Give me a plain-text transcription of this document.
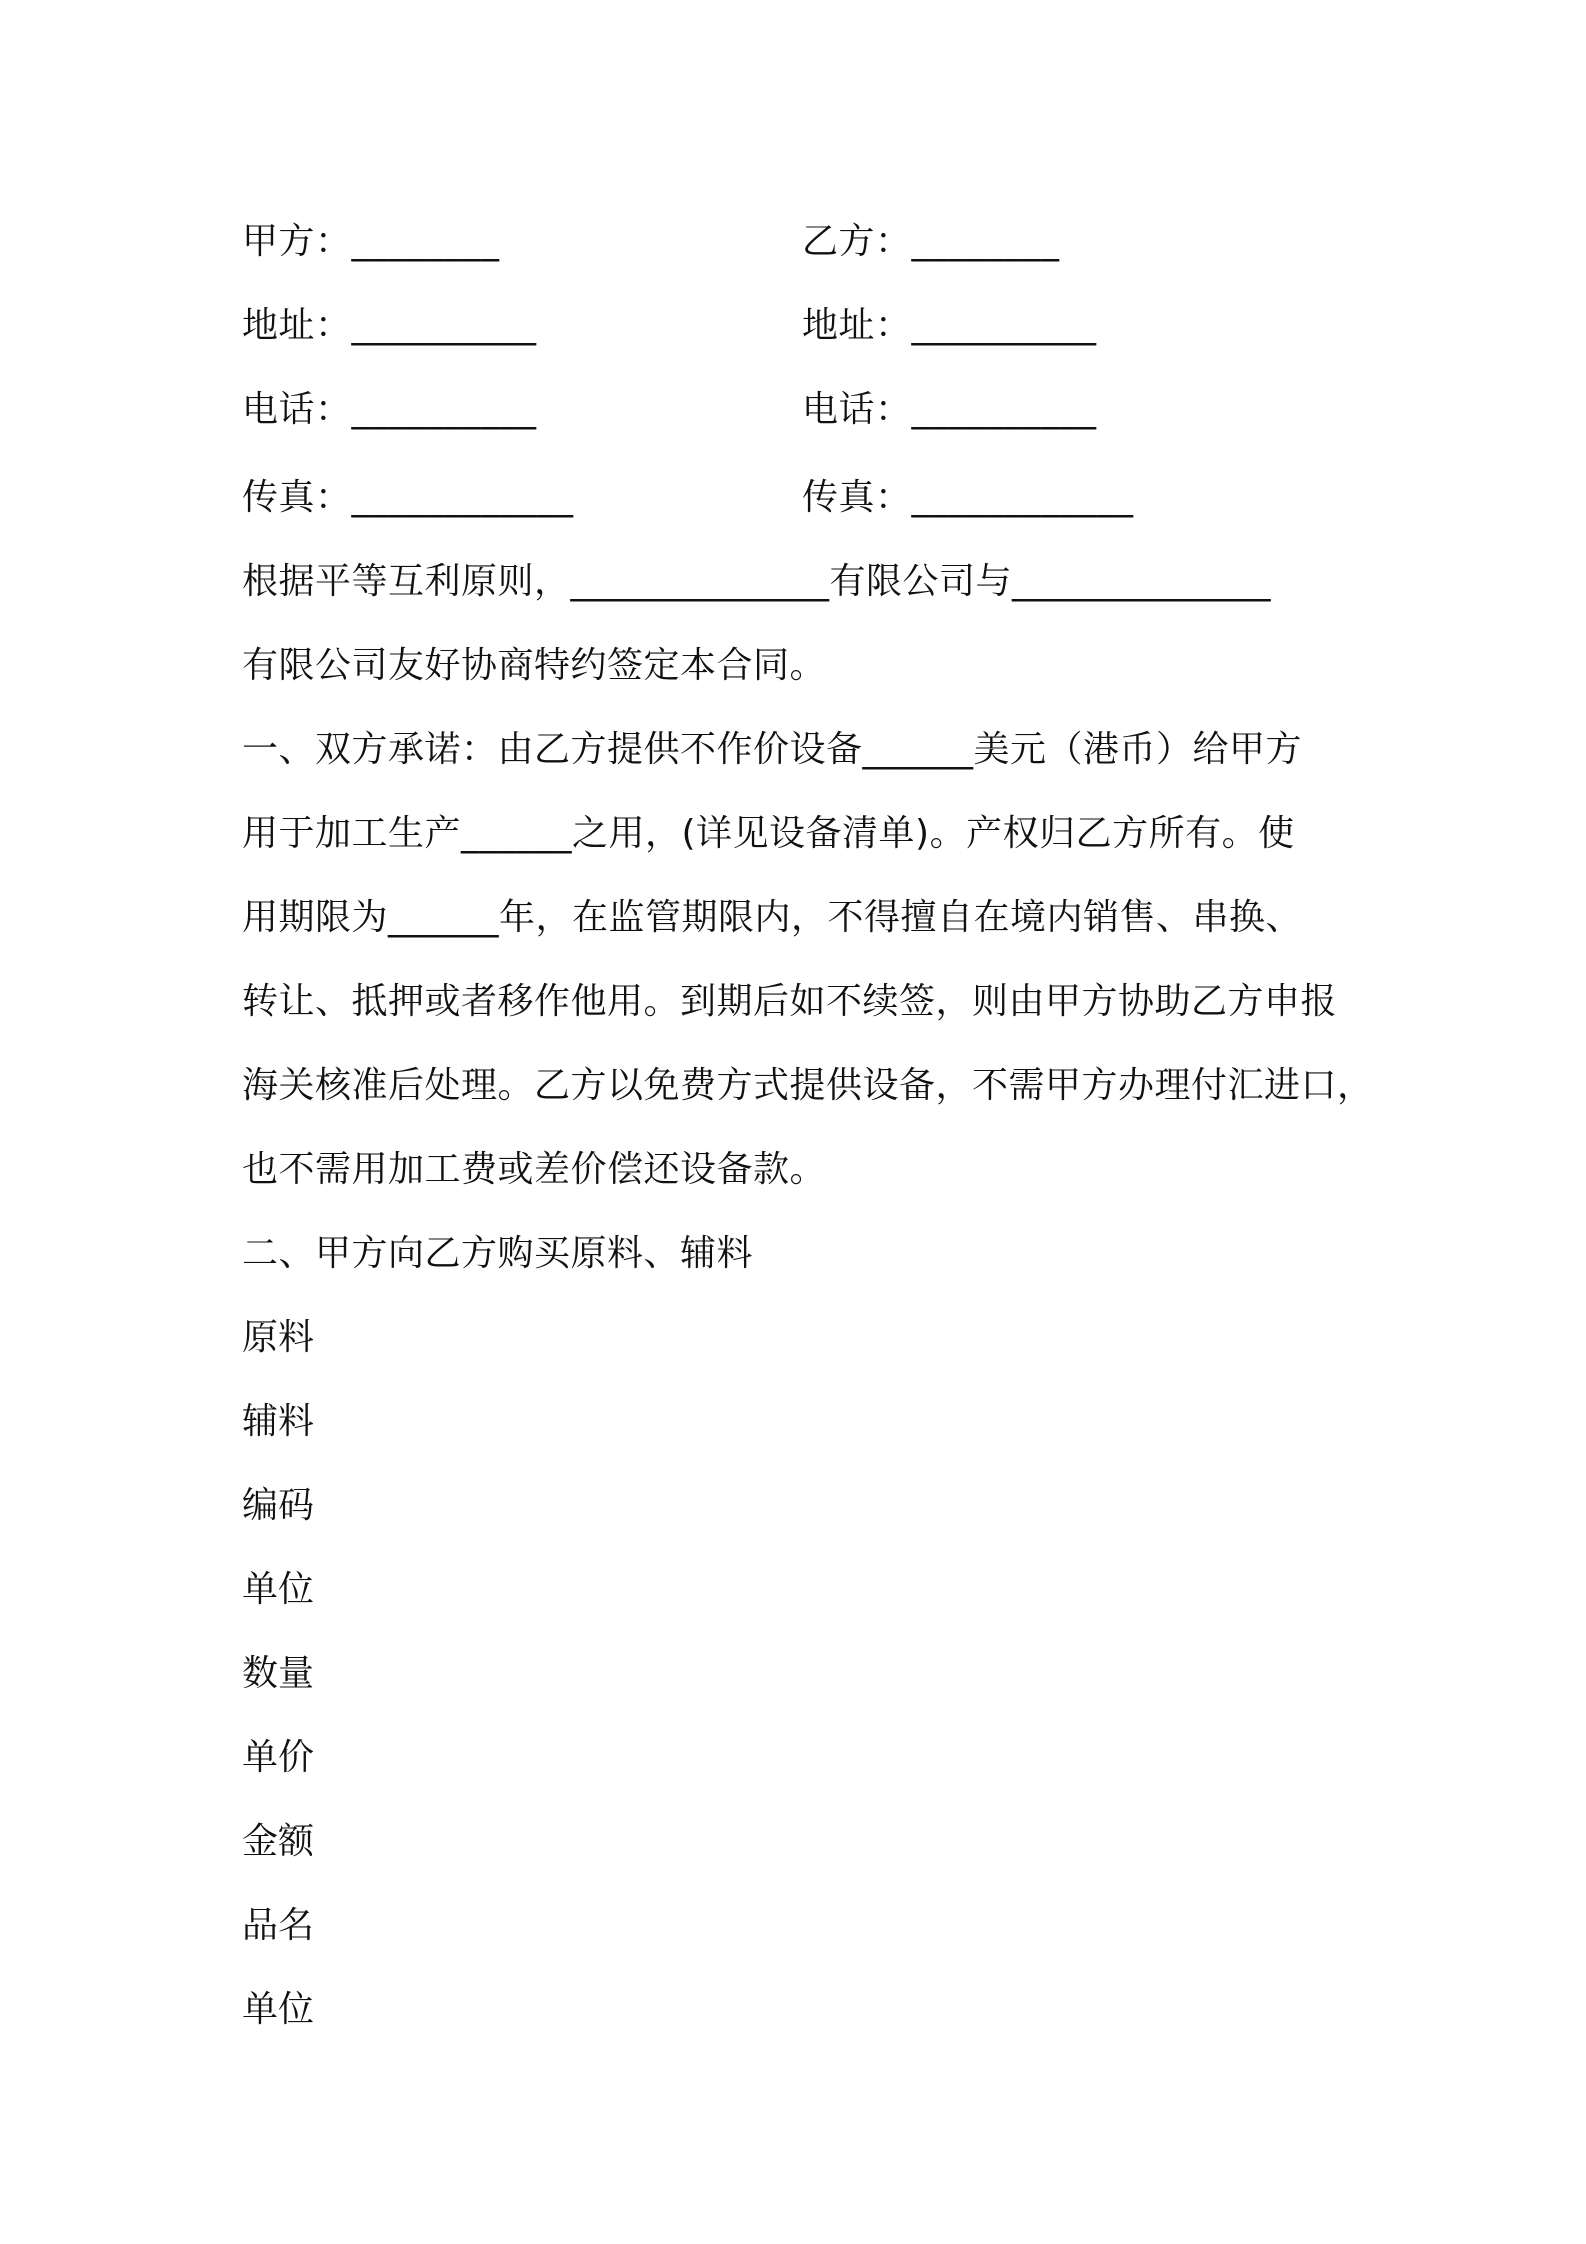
甲方：________	乙方：________
地址：__________	地址：__________
电话：__________	电话：__________
传真：____________	传真：____________
根据平等互利原则，______________有限公司与______________
有限公司友好协商特约签定本合同。
一、双方承诺：由乙方提供不作价设备______美元（港币）给甲方
用于加工生产______之用，(详见设备清单)。产权归乙方所有。使
用期限为______年，在监管期限内，不得擅自在境内销售、串换、
转让、抵押或者移作他用。到期后如不续签，则由甲方协助乙方申报
海关核准后处理。乙方以免费方式提供设备，不需甲方办理付汇进口，
也不需用加工费或差价偿还设备款。
二、甲方向乙方购买原料、辅料
原料
辅料
编码
单位
数量
单价
金额
品名
单位
